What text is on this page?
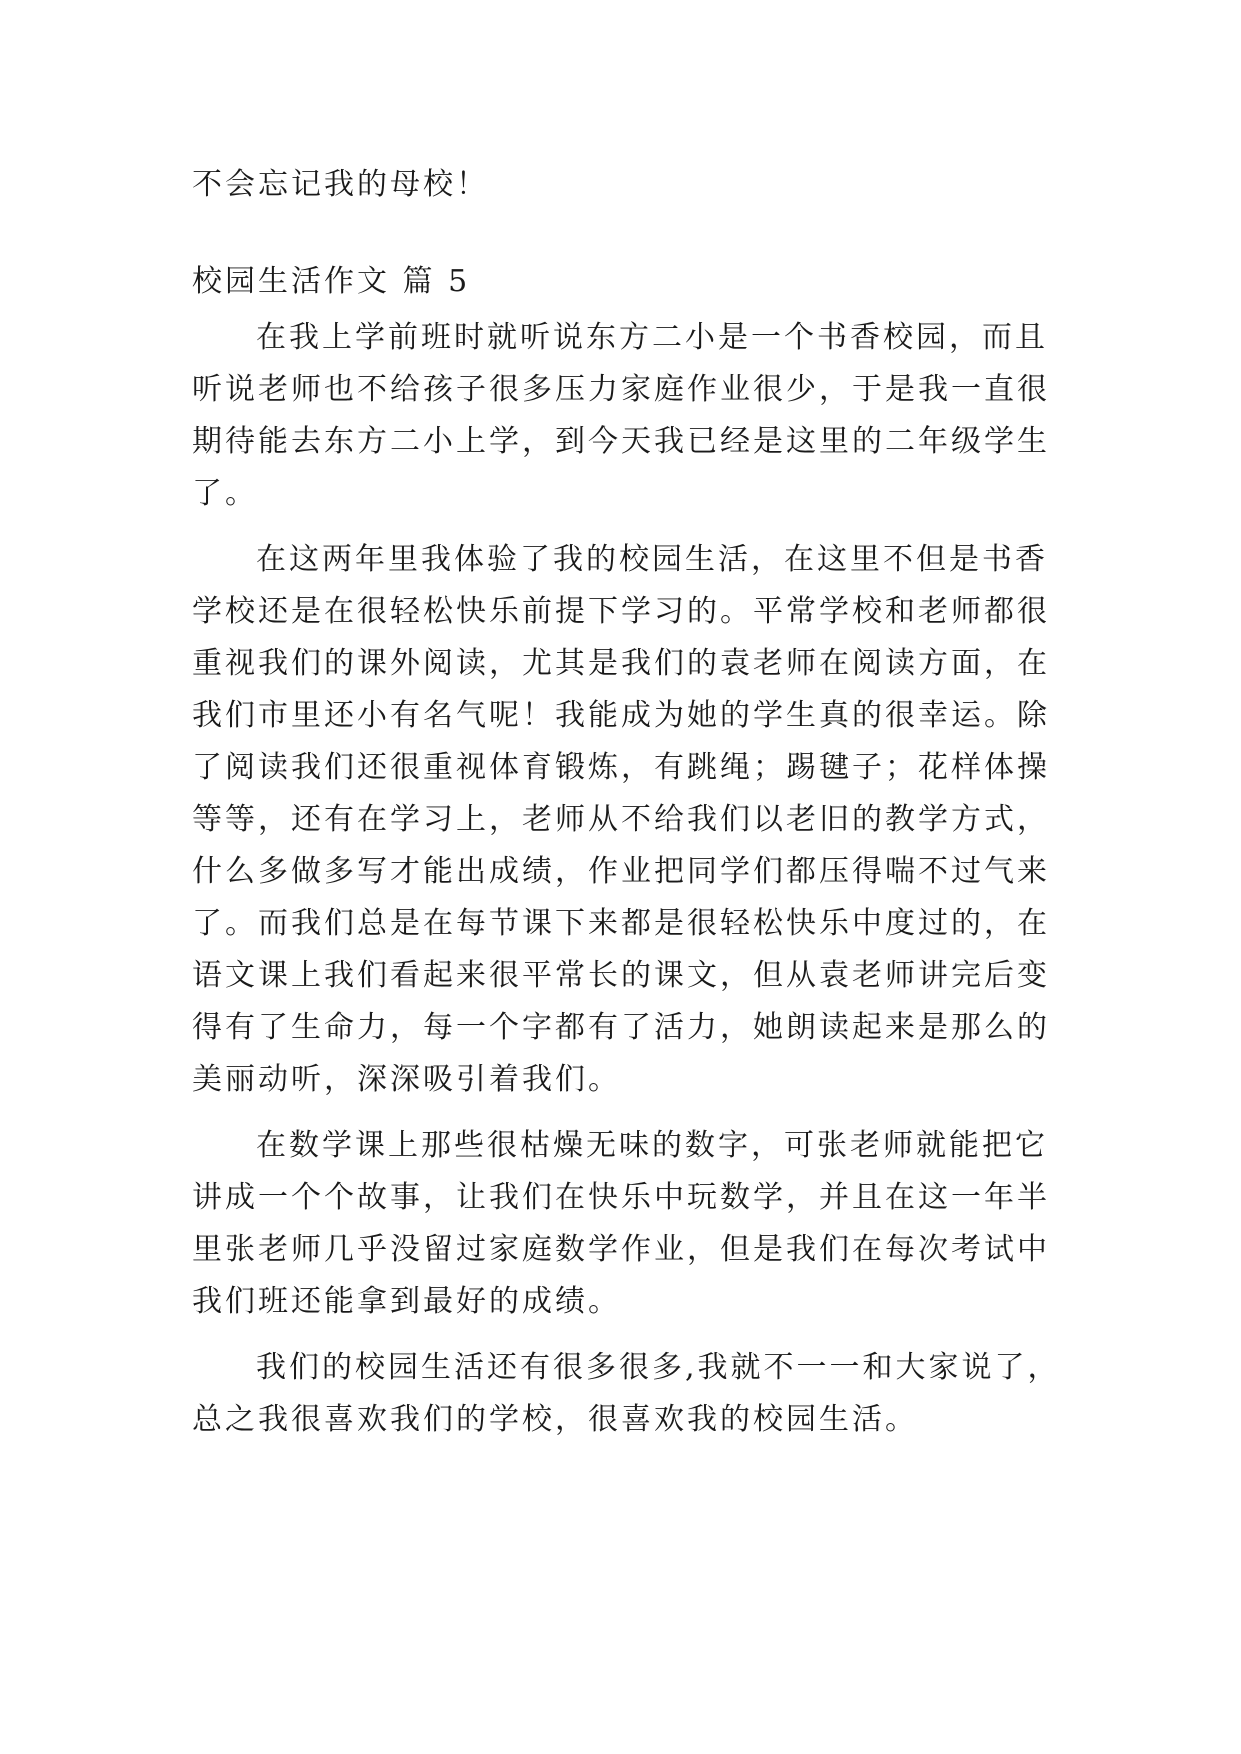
不会忘记我的母校！
校园生活作文 篇 5
在我上学前班时就听说东方二小是一个书香校园，而且
听说老师也不给孩子很多压力家庭作业很少，于是我一直很
期待能去东方二小上学，到今天我已经是这里的二年级学生
了。
在这两年里我体验了我的校园生活，在这里不但是书香
学校还是在很轻松快乐前提下学习的。平常学校和老师都很
重视我们的课外阅读，尤其是我们的袁老师在阅读方面，在
我们市里还小有名气呢！我能成为她的学生真的很幸运。除
了阅读我们还很重视体育锻炼，有跳绳；踢毽子；花样体操
等等，还有在学习上，老师从不给我们以老旧的教学方式，
什么多做多写才能出成绩，作业把同学们都压得喘不过气来
了。而我们总是在每节课下来都是很轻松快乐中度过的，在
语文课上我们看起来很平常长的课文，但从袁老师讲完后变
得有了生命力，每一个字都有了活力，她朗读起来是那么的
美丽动听，深深吸引着我们。
在数学课上那些很枯燥无味的数字，可张老师就能把它
讲成一个个故事，让我们在快乐中玩数学，并且在这一年半
里张老师几乎没留过家庭数学作业，但是我们在每次考试中
我们班还能拿到最好的成绩。
我们的校园生活还有很多很多,我就不一一和大家说了，
总之我很喜欢我们的学校，很喜欢我的校园生活。
